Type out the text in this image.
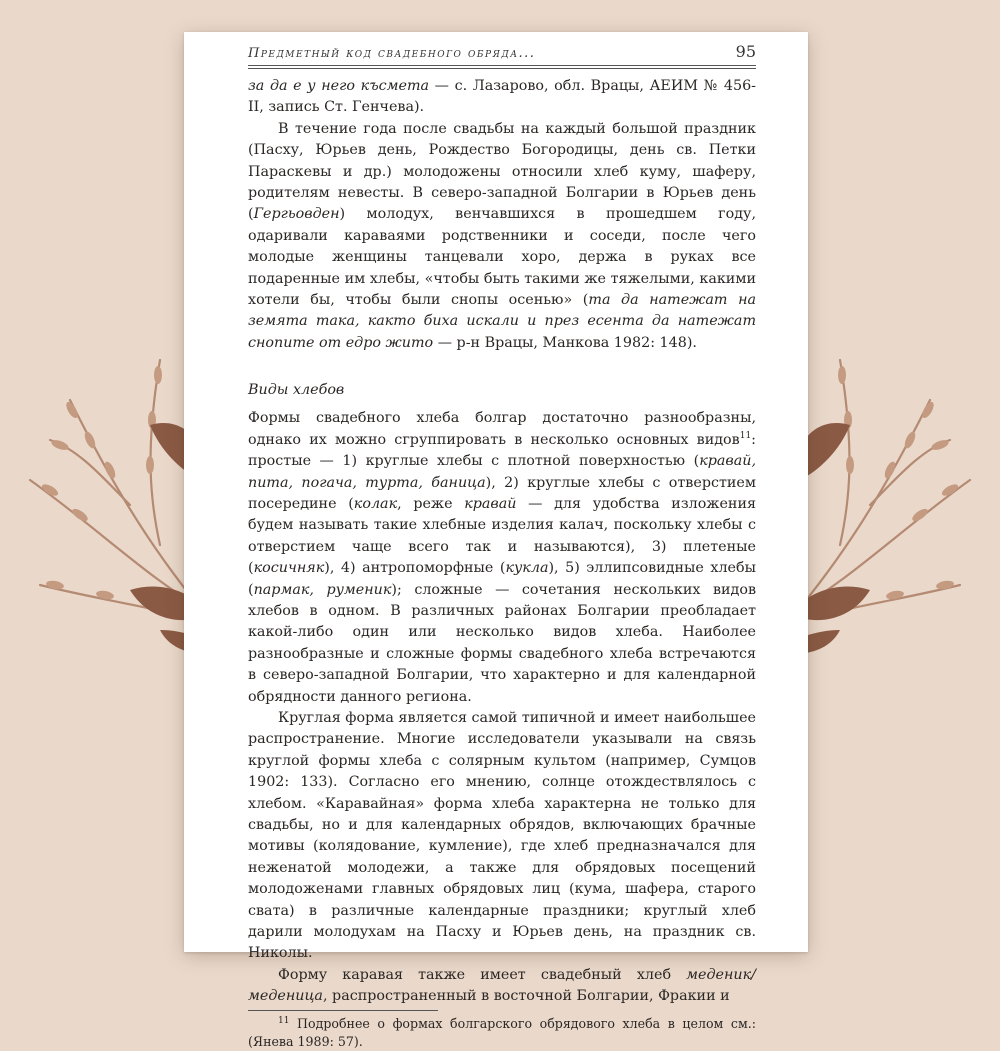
Предметный код свадебного обряда...	95

за да е у него късмета — с. Лазарово, обл. Врацы, АЕИМ № 456-II, запись Ст. Генчева).

В течение года после свадьбы на каждый большой праздник (Пасху, Юрьев день, Рождество Богородицы, день св. Петки Параскевы и др.) молодожены относили хлеб куму, шаферу, родителям невесты. В северо-западной Болгарии в Юрьев день (Гергьовден) молодух, венчавшихся в прошедшем году, одаривали караваями родственники и соседи, после чего молодые женщины танцевали хоро, держа в руках все подаренные им хлебы, «чтобы быть такими же тяжелыми, какими хотели бы, чтобы были снопы осенью» (та да натежат на земята така, както биха искали и през есента да натежат снопите от едро жито — р-н Врацы, Манкова 1982: 148).

Виды хлебов

Формы свадебного хлеба болгар достаточно разнообразны, однако их можно сгруппировать в несколько основных видов$^{11}$: простые — 1) круглые хлебы с плотной поверхностью (кравай, пита, погача, турта, баница), 2) круглые хлебы с отверстием посередине (колак, реже кравай — для удобства изложения будем называть такие хлебные изделия калач, поскольку хлебы с отверстием чаще всего так и называются), 3) плетеные (косичняк), 4) антропоморфные (кукла), 5) эллипсовидные хлебы (пармак, руменик); сложные — сочетания нескольких видов хлебов в одном. В различных районах Болгарии преобладает какой-либо один или несколько видов хлеба. Наиболее разнообразные и сложные формы свадебного хлеба встречаются в северо-западной Болгарии, что характерно и для календарной обрядности данного региона.

Круглая форма является самой типичной и имеет наибольшее распространение. Многие исследователи указывали на связь круглой формы хлеба с солярным культом (например, Сумцов 1902: 133). Согласно его мнению, солнце отождествлялось с хлебом. «Каравайная» форма хлеба характерна не только для свадьбы, но и для календарных обрядов, включающих брачные мотивы (колядование, кумление), где хлеб предназначался для неженатой молодежи, а также для обрядовых посещений молодоженами главных обрядовых лиц (кума, шафера, старого свата) в различные календарные праздники; круглый хлеб дарили молодухам на Пасху и Юрьев день, на праздник св. Николы.

Форму каравая также имеет свадебный хлеб меденик/меденица, распространенный в восточной Болгарии, Фракии и

$^{11}$ Подробнее о формах болгарского обрядового хлеба в целом см.: (Янева 1989: 57).
